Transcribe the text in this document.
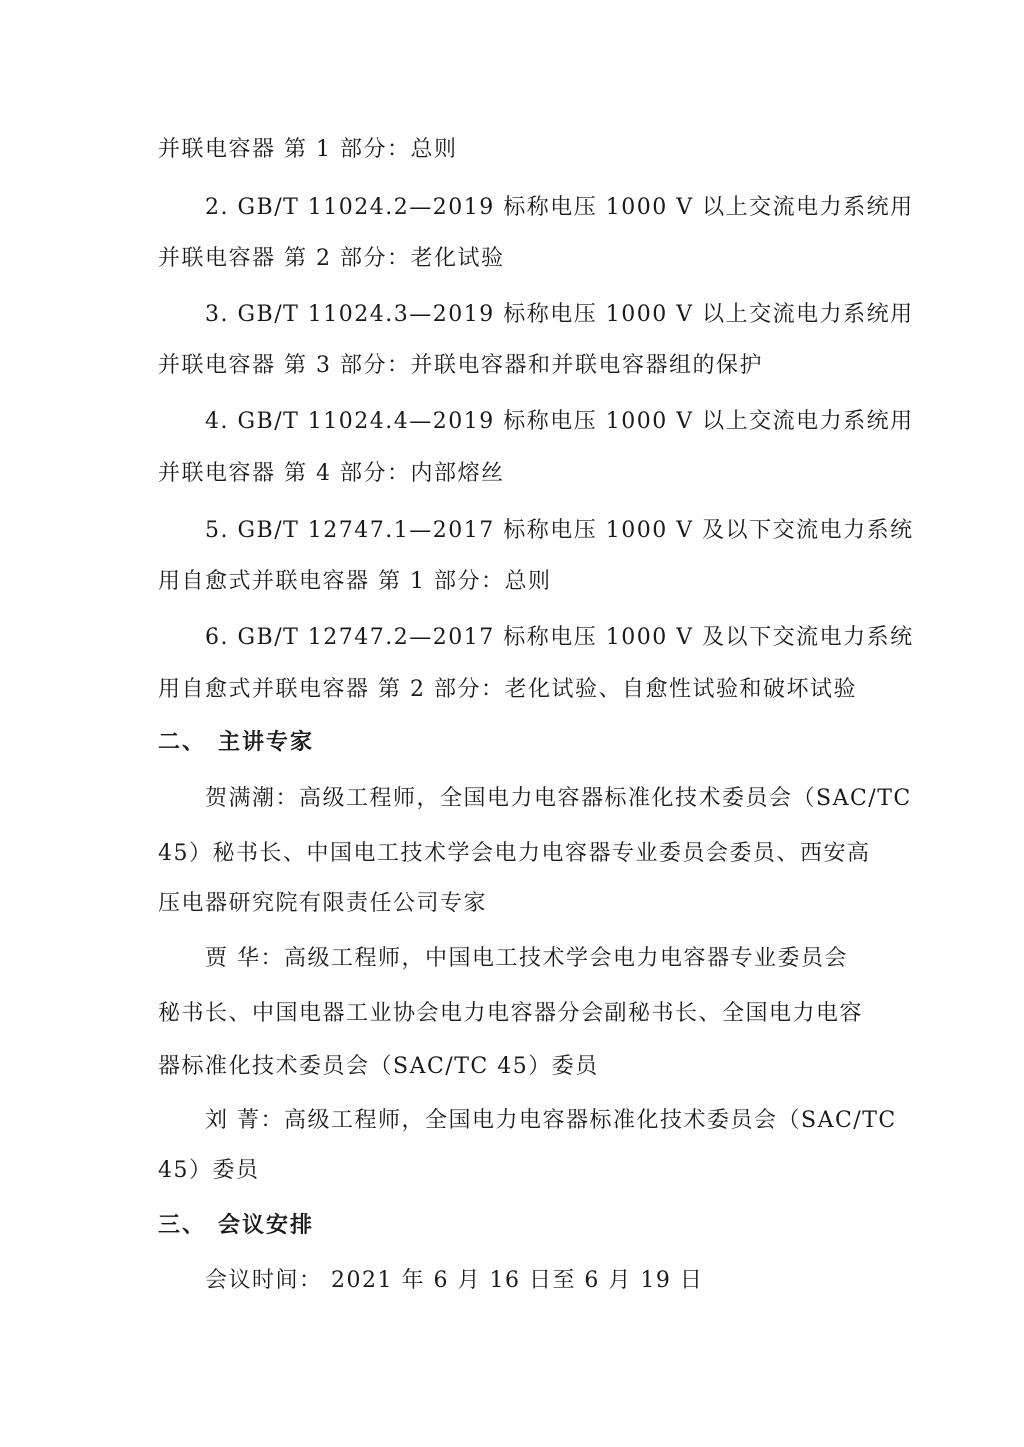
并联电容器 第 1 部分：总则
2. GB/T 11024.2—2019 标称电压 1000 V 以上交流电力系统用
并联电容器 第 2 部分：老化试验
3. GB/T 11024.3—2019 标称电压 1000 V 以上交流电力系统用
并联电容器 第 3 部分：并联电容器和并联电容器组的保护
4. GB/T 11024.4—2019 标称电压 1000 V 以上交流电力系统用
并联电容器 第 4 部分：内部熔丝
5. GB/T 12747.1—2017 标称电压 1000 V 及以下交流电力系统
用自愈式并联电容器 第 1 部分：总则
6. GB/T 12747.2—2017 标称电压 1000 V 及以下交流电力系统
用自愈式并联电容器 第 2 部分：老化试验、自愈性试验和破坏试验
二、 主讲专家
贺满潮：高级工程师，全国电力电容器标准化技术委员会（SAC/TC
45）秘书长、中国电工技术学会电力电容器专业委员会委员、西安高
压电器研究院有限责任公司专家
贾 华：高级工程师，中国电工技术学会电力电容器专业委员会
秘书长、中国电器工业协会电力电容器分会副秘书长、全国电力电容
器标准化技术委员会（SAC/TC 45）委员
刘 菁：高级工程师，全国电力电容器标准化技术委员会（SAC/TC
45）委员
三、 会议安排
会议时间： 2021 年 6 月 16 日至 6 月 19 日
